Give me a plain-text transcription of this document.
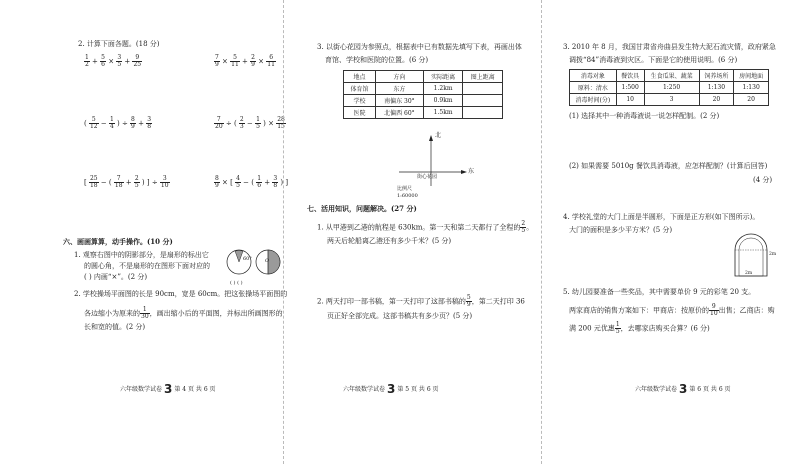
2. 计算下面各题。(18 分)
$\frac{1}{2} + \frac{5}{6} \times \frac{3}{5} + \frac{9}{25}$	$\frac{7}{9} \times \frac{5}{11} + \frac{2}{9} \times \frac{6}{11}$
( $\frac{5}{12} - \frac{1}{4}$ ) ÷ $\frac{8}{9} + \frac{3}{8}$	$\frac{7}{20}$ ÷ ( $\frac{2}{3} - \frac{1}{5}$ ) × $\frac{28}{15}$
[ $\frac{25}{18}$ − ( $\frac{7}{18} + \frac{2}{5}$ ) ] ÷ $\frac{3}{10}$	$\frac{8}{9}$ × [ $\frac{4}{5}$ − ( $\frac{1}{6} + \frac{3}{8}$ ) ]
六、画画算算，动手操作。(10 分)
1. 观察右图中的阴影部分，是扇形的标出它
的圆心角，不是扇形的在图形下面对应的
( ) 内画“×”。(2 分)
60°	O
( ) ( )
2. 学校操场平面图的长是 90cm，宽是 60cm。把这张操场平面图的
各边缩小为原来的 $\frac{1}{30}$ ，画出缩小后的平面图，并标出所画图形的
长和宽的值。(2 分)
六年级数学试卷 3 第 4 页 共 6 页
3. 以街心花园为参照点，根据表中已有数据先填写下表，再画出体
育馆、学校和医院的位置。(6 分)
地点	方向	实际距离	图上距离
体育馆	东方	1.2km	
学校	南偏东 30°	0.9km	
医院	北偏西 60°	1.5km	
北
东
街心花园
比例尺
1:60000
七、活用知识，问题解决。(27 分)
1. 从甲港到乙港的航程是 630km。第一天和第二天都行了全程的 $\frac{2}{5}$ 。
两天后轮船离乙港还有多少千米？(5 分)
2. 两天打印一部书稿，第一天打印了这部书稿的 $\frac{5}{9}$ ，第二天打印 36
页正好全部完成。这部书稿共有多少页？(5 分)
六年级数学试卷 3 第 5 页 共 6 页
3. 2010 年 8 月，我国甘肃省舟曲县发生特大泥石流灾情，政府紧急
调拨“84”消毒液到灾区。下面是它的使用说明。(6 分)
消毒对象	餐饮具	生食瓜果、蔬菜	饲养场所	房间地面
原料：清水	1:500	1:250	1:130	1:130
消毒时间(分)	10	3	20	20
(1) 选择其中一种消毒液说一说怎样配制。(2 分)
(2) 如果需要 5010g 餐饮具消毒液，应怎样配制？(计算后回答)
(4 分)
4. 学校礼堂的大门上面是半圆形，下面是正方形(如下图所示)。
大门的面积是多少平方米？(5 分)
2m
2m
5. 幼儿园要准备一些奖品，其中需要单价 9 元的彩笔 20 支。
两家商店的销售方案如下：甲商店：按原价的 $\frac{9}{10}$ 出售；乙商店：购
满 200 元优惠 $\frac{1}{5}$ ，去哪家店购买合算？(6 分)
六年级数学试卷 3 第 6 页 共 6 页
